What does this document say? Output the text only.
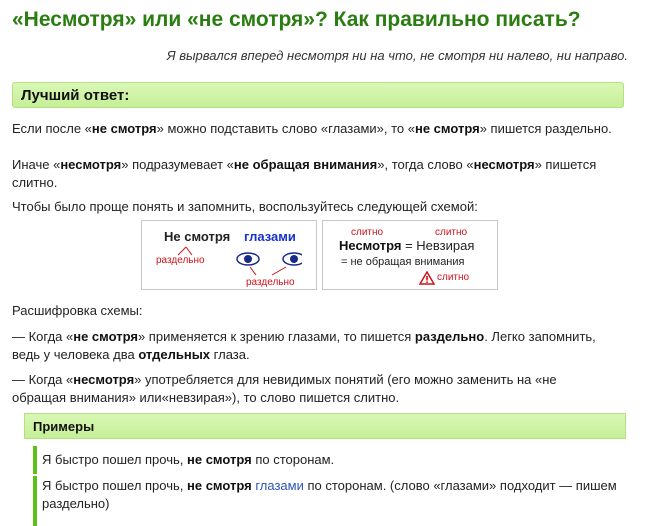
«Несмотря» или «не смотря»? Как правильно писать?
Я вырвался вперед несмотря ни на что, не смотря ни налево, ни направо.
Лучший ответ:

Если после «не смотря» можно подставить слово «глазами», то «не смотря» пишется раздельно.

Иначе «несмотря» подразумевает «не обращая внимания», тогда слово «несмотря» пишется слитно.

Чтобы было проще понять и запомнить, воспользуйтесь следующей схемой:

Не смотря глазами
раздельно
раздельно
слитно	слитно
Несмотря = Невзирая
= не обращая внимания
слитно

Расшифровка схемы:

— Когда «не смотря» применяется к зрению глазами, то пишется раздельно. Легко запомнить, ведь у человека два отдельных глаза.

— Когда «несмотря» употребляется для невидимых понятий (его можно заменить на «не обращая внимания» или«невзирая»), то слово пишется слитно.

Примеры

Я быстро пошел прочь, не смотря по сторонам.

Я быстро пошел прочь, не смотря глазами по сторонам. (слово «глазами» подходит — пишем раздельно)
